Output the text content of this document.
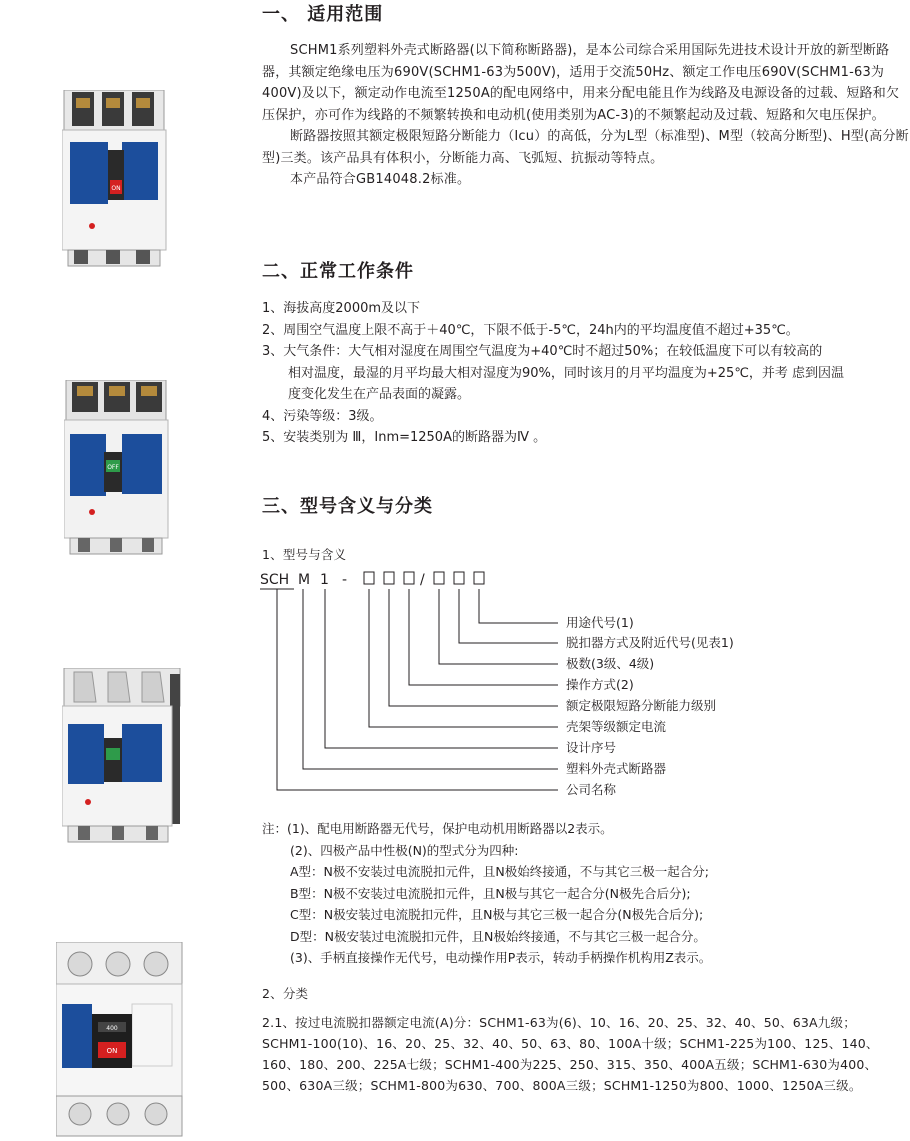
ON
OFF
400
ON
一、 适用范围

SCHM1系列塑料外壳式断路器(以下简称断路器)，是本公司综合采用国际先进技术设计开放的新型断路器，其额定绝缘电压为690V(SCHM1-63为500V)，适用于交流50Hz、额定工作电压690V(SCHM1-63为400V)及以下，额定动作电流至1250A的配电网络中，用来分配电能且作为线路及电源设备的过载、短路和欠压保护，亦可作为线路的不频繁转换和电动机(使用类别为AC-3)的不频繁起动及过载、短路和欠电压保护。

断路器按照其额定极限短路分断能力（Icu）的高低，分为L型（标准型)、M型（较高分断型)、H型(高分断型)三类。该产品具有体积小，分断能力高、飞弧短、抗振动等特点。

本产品符合GB14048.2标准。

二、正常工作条件

1、海拔高度2000m及以下

2、周围空气温度上限不高于＋40℃，下限不低于-5℃，24h内的平均温度值不超过+35℃。

3、大气条件：大气相对湿度在周围空气温度为+40℃时不超过50%；在较低温度下可以有较高的

相对温度，最湿的月平均最大相对湿度为90%，同时该月的月平均温度为+25℃，并考 虑到因温

度变化发生在产品表面的凝露。

4、污染等级：3级。

5、安装类别为 Ⅲ，Inm=1250A的断路器为Ⅳ 。

三、型号含义与分类

1、型号与含义

SCH M 1 -	/
用途代号(1)
脱扣器方式及附近代号(见表1)
极数(3级、4级)
操作方式(2)
额定极限短路分断能力级别
壳架等级额定电流
设计序号
塑料外壳式断路器
公司名称

注：(1)、配电用断路器无代号，保护电动机用断路器以2表示。

(2)、四极产品中性极(N)的型式分为四种:

A型：N极不安装过电流脱扣元件，且N极始终接通，不与其它三极一起合分;

B型：N极不安装过电流脱扣元件，且N极与其它一起合分(N极先合后分);

C型：N极安装过电流脱扣元件，且N极与其它三极一起合分(N极先合后分);

D型：N极安装过电流脱扣元件，且N极始终接通，不与其它三极一起合分。

(3)、手柄直接操作无代号，电动操作用P表示，转动手柄操作机构用Z表示。

2、分类

2.1、按过电流脱扣器额定电流(A)分：SCHM1-63为(6)、10、16、20、25、32、40、50、63A九级；SCHM1-100(10)、16、20、25、32、40、50、63、80、100A十级；SCHM1-225为100、125、140、160、180、200、225A七级；SCHM1-400为225、250、315、350、400A五级；SCHM1-630为400、500、630A三级；SCHM1-800为630、700、800A三级；SCHM1-1250为800、1000、1250A三级。
